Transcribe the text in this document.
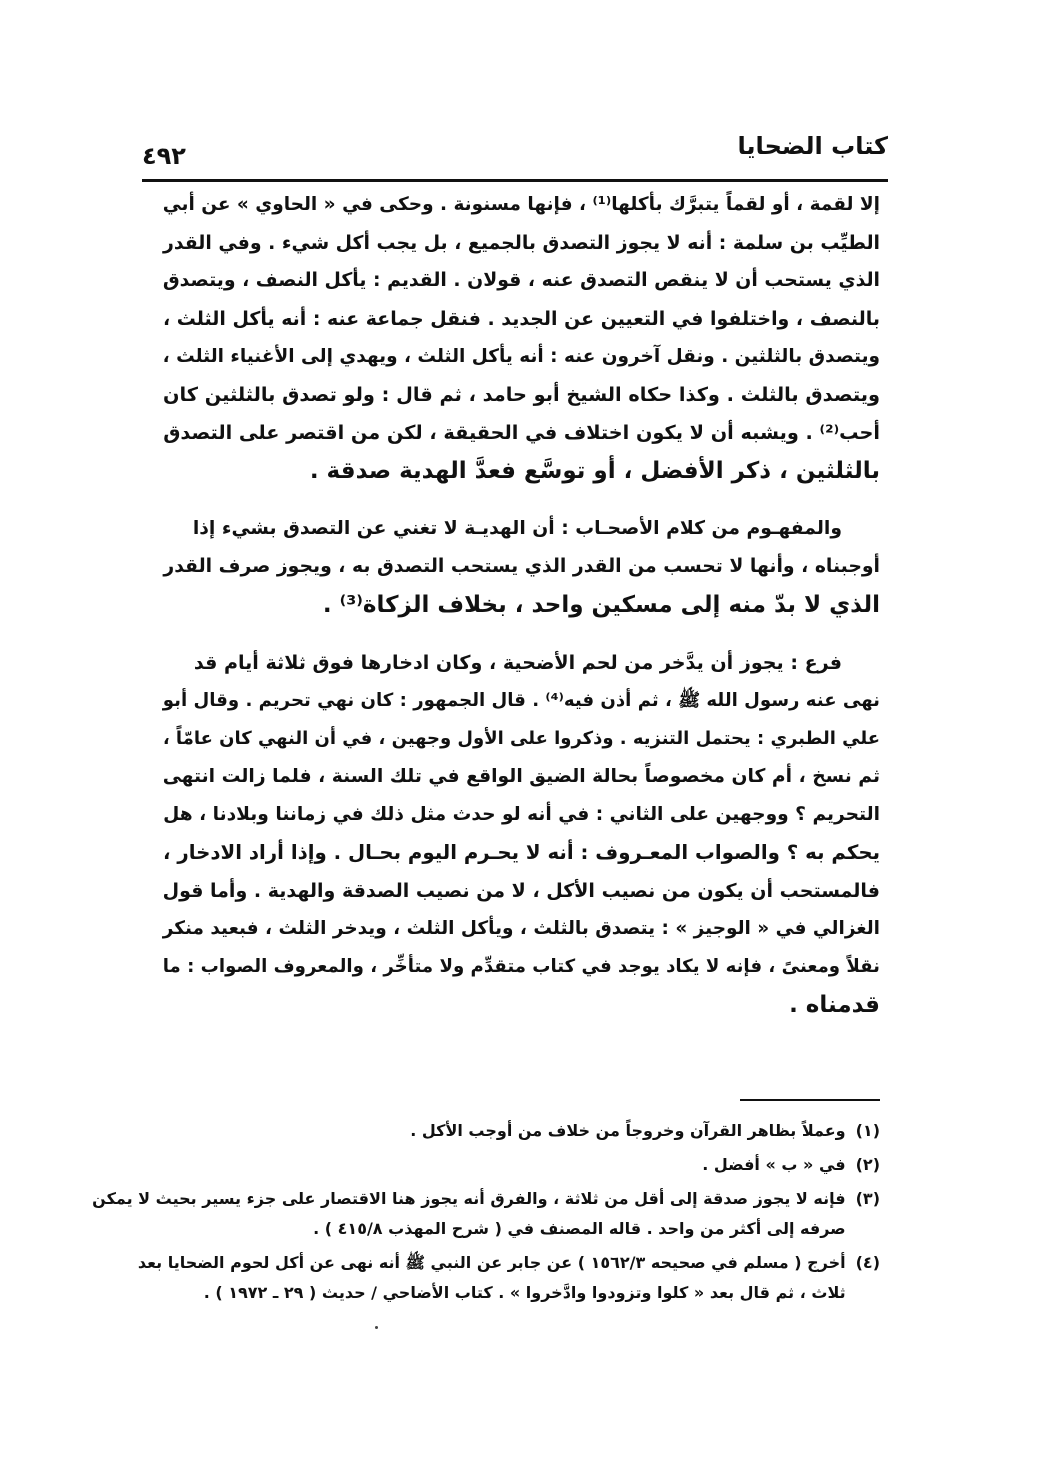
كتاب الضحايا
٤٩٢

إلا لقمة ، أو لقماً يتبرَّك بأكلها⁽¹⁾ ، فإنها مسنونة . وحكى في « الحاوي » عن أبي
الطيِّب بن سلمة : أنه لا يجوز التصدق بالجميع ، بل يجب أكل شيء . وفي القدر
الذي يستحب أن لا ينقص التصدق عنه ، قولان . القديم : يأكل النصف ، ويتصدق
بالنصف ، واختلفوا في التعيين عن الجديد . فنقل جماعة عنه : أنه يأكل الثلث ،
ويتصدق بالثلثين . ونقل آخرون عنه : أنه يأكل الثلث ، ويهدي إلى الأغنياء الثلث ،
ويتصدق بالثلث . وكذا حكاه الشيخ أبو حامد ، ثم قال : ولو تصدق بالثلثين كان
أحب⁽²⁾ . ويشبه أن لا يكون اختلاف في الحقيقة ، لكن من اقتصر على التصدق
بالثلثين ، ذكر الأفضل ، أو توسَّع فعدَّ الهدية صدقة .

والمفهـوم من كلام الأصحـاب : أن الهديـة لا تغني عن التصدق بشيء إذا
أوجبناه ، وأنها لا تحسب من القدر الذي يستحب التصدق به ، ويجوز صرف القدر
الذي لا بدّ منه إلى مسكين واحد ، بخلاف الزكاة⁽³⁾ .

فرع : يجوز أن يدَّخر من لحم الأضحية ، وكان ادخارها فوق ثلاثة أيام قد
نهى عنه رسول الله ﷺ ، ثم أذن فيه⁽⁴⁾ . قال الجمهور : كان نهي تحريم . وقال أبو
علي الطبري : يحتمل التنزيه . وذكروا على الأول وجهين ، في أن النهي كان عامّاً ،
ثم نسخ ، أم كان مخصوصاً بحالة الضيق الواقع في تلك السنة ، فلما زالت انتهى
التحريم ؟ ووجهين على الثاني : في أنه لو حدث مثل ذلك في زماننا وبلادنا ، هل
يحكم به ؟ والصواب المعـروف : أنه لا يحـرم اليوم بحـال . وإذا أراد الادخار ،
فالمستحب أن يكون من نصيب الأكل ، لا من نصيب الصدقة والهدية . وأما قول
الغزالي في « الوجيز » : يتصدق بالثلث ، ويأكل الثلث ، ويدخر الثلث ، فبعيد منكر
نقلاً ومعنىً ، فإنه لا يكاد يوجد في كتاب متقدِّم ولا متأخِّر ، والمعروف الصواب : ما
قدمناه .

(١)
وعملاً بظاهر القرآن وخروجاً من خلاف من أوجب الأكل .
(٢)
في « ب » أفضل .
(٣)
فإنه لا يجوز صدقة إلى أقل من ثلاثة ، والفرق أنه يجوز هنا الاقتصار على جزء يسير بحيث لا يمكن
صرفه إلى أكثر من واحد . قاله المصنف في ( شرح المهذب ٤١٥/٨ ) .
(٤)
أخرج ( مسلم في صحيحه ١٥٦٢/٣ ) عن جابر عن النبي ﷺ أنه نهى عن أكل لحوم الضحايا بعد
ثلاث ، ثم قال بعد « كلوا وتزودوا وادَّخروا » . كتاب الأضاحي / حديث ( ٢٩ ـ ١٩٧٢ ) .
